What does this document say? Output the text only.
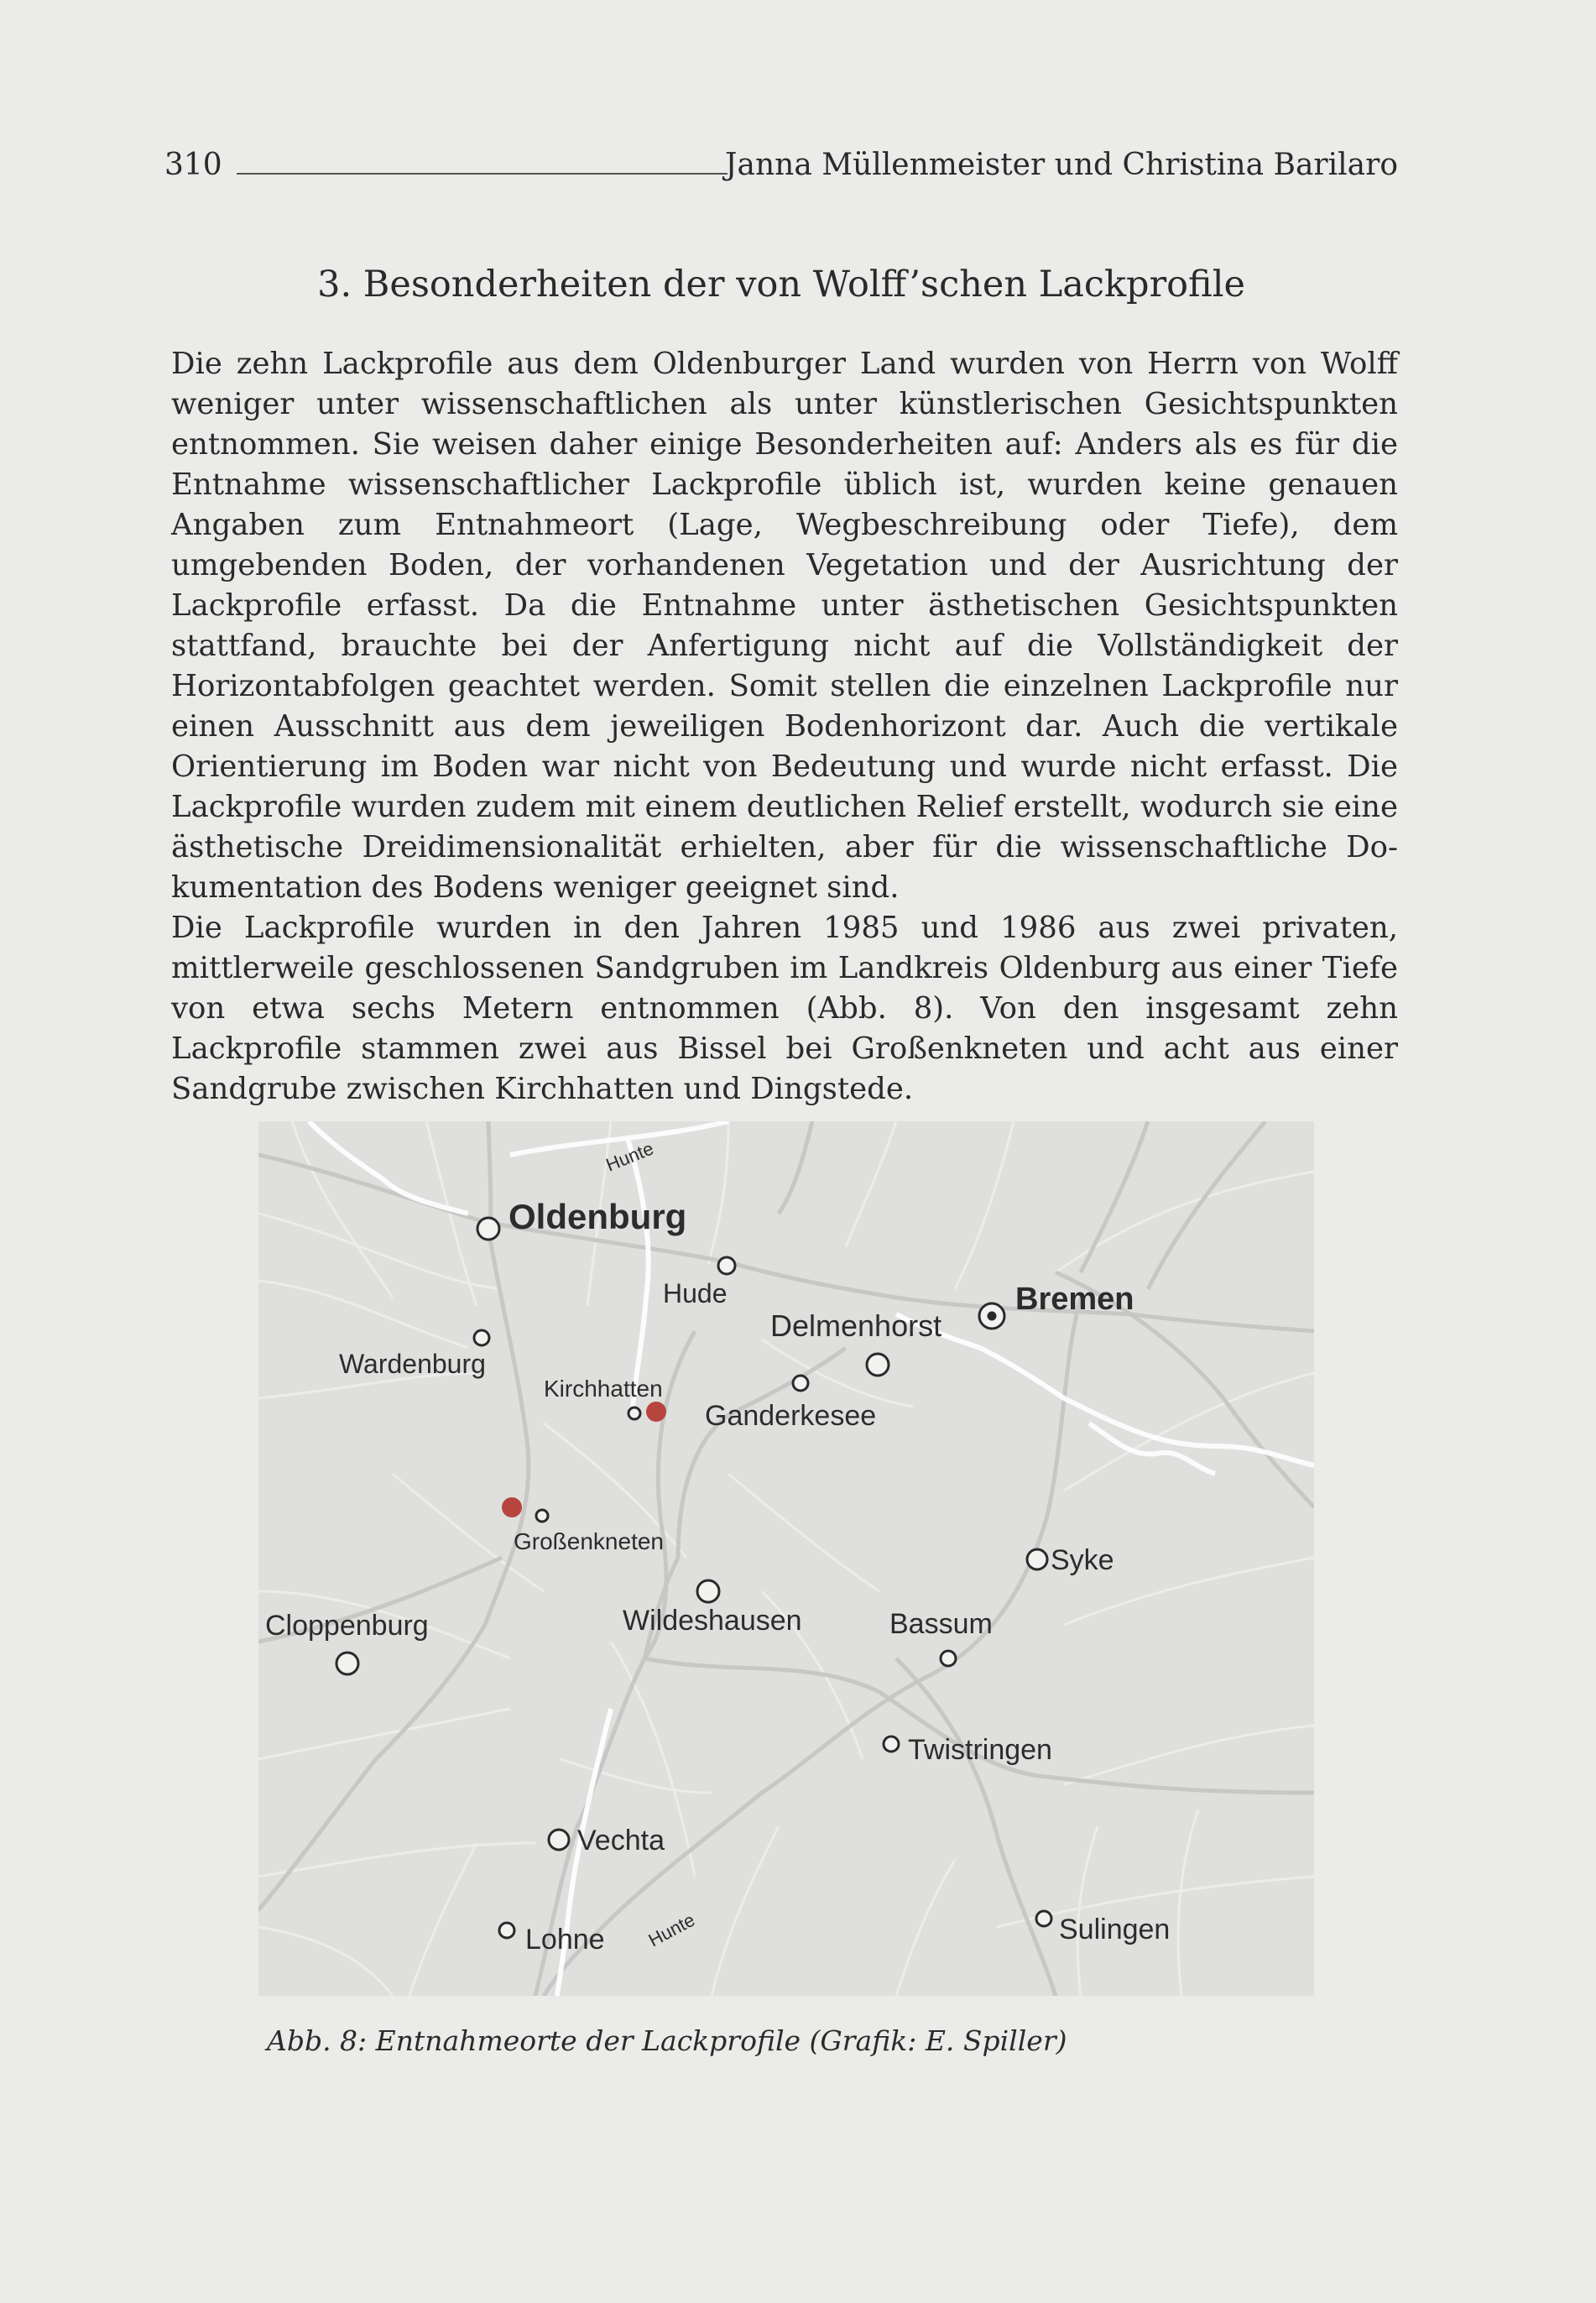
310	Janna Müllenmeister und Christina Barilaro
3. Besonderheiten der von Wolff’schen Lackprofile

Die zehn Lackprofile aus dem Oldenburger Land wurden von Herrn von Wolff weniger unter wissenschaftlichen als unter künstlerischen Gesichtspunkten entnommen. Sie weisen daher einige Besonderheiten auf: Anders als es für die Entnahme wissenschaftlicher Lackprofile üblich ist, wurden keine genauen Angaben zum Entnahmeort (Lage, Wegbeschreibung oder Tiefe), dem umgebenden Boden, der vorhandenen Vegetation und der Ausrichtung der Lackprofile erfasst. Da die Entnahme unter ästhetischen Gesichtspunkten stattfand, brauchte bei der Anfertigung nicht auf die Vollständigkeit der Horizontabfolgen geachtet werden. Somit stellen die einzelnen Lackprofile nur einen Ausschnitt aus dem jeweiligen Bodenhorizont dar. Auch die vertikale Orientierung im Boden war nicht von Bedeutung und wurde nicht erfasst. Die Lackprofile wurden zudem mit einem deutlichen Relief erstellt, wodurch sie eine ästhetische Dreidimensionalität erhielten, aber für die wissenschaftliche Dokumentation des Bodens weniger geeignet sind.

Die Lackprofile wurden in den Jahren 1985 und 1986 aus zwei privaten, mittlerweile geschlossenen Sandgruben im Landkreis Oldenburg aus einer Tiefe von etwa sechs Metern entnommen (Abb. 8). Von den insgesamt zehn Lackprofile stammen zwei aus Bissel bei Großenkneten und acht aus einer Sandgrube zwischen Kirchhatten und Dingstede.

Hunte
Hunte
Oldenburg
Bremen
Hude
Delmenhorst
Wardenburg
Kirchhatten
Ganderkesee
Großenkneten
Syke
Cloppenburg	Wildeshausen	Bassum
Twistringen
Vechta
Lohne	Sulingen
Abb. 8: Entnahmeorte der Lackprofile (Grafik: E. Spiller)
